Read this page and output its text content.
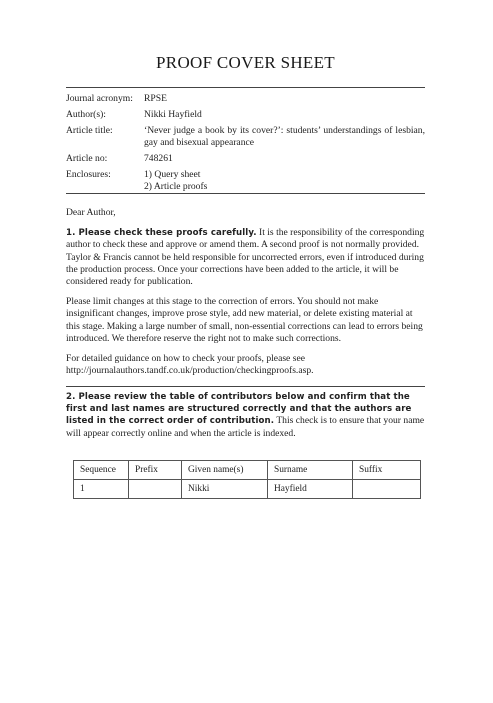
PROOF COVER SHEET
Journal acronym:	RPSE
Author(s):	Nikki Hayfield
Article title:	‘Never judge a book by its cover?’: students’ understandings of lesbian, gay and bisexual appearance
Article no:	748261
Enclosures:	1) Query sheet
2) Article proofs

Dear Author,

1. Please check these proofs carefully. It is the responsibility of the corresponding author to check these and approve or amend them. A second proof is not normally provided. Taylor & Francis cannot be held responsible for uncorrected errors, even if introduced during the production process. Once your corrections have been added to the article, it will be considered ready for publication.

Please limit changes at this stage to the correction of errors. You should not make insignificant changes, improve prose style, add new material, or delete existing material at this stage. Making a large number of small, non-essential corrections can lead to errors being introduced. We therefore reserve the right not to make such corrections.

For detailed guidance on how to check your proofs, please see http://journalauthors.tandf.co.uk/production/checkingproofs.asp.

2. Please review the table of contributors below and confirm that the first and last names are structured correctly and that the authors are listed in the correct order of contribution. This check is to ensure that your name will appear correctly online and when the article is indexed.

Sequence	Prefix	Given name(s)	Surname	Suffix
1		Nikki	Hayfield	
